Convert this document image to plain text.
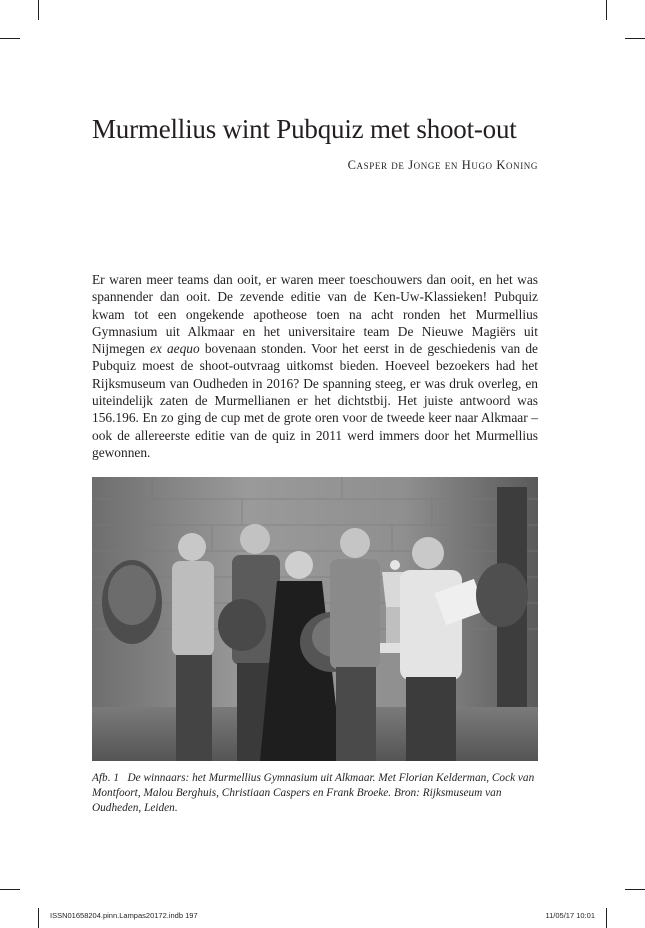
Murmellius wint Pubquiz met shoot-out
Casper de Jonge en Hugo Koning

Er waren meer teams dan ooit, er waren meer toeschouwers dan ooit, en het was spannender dan ooit. De zevende editie van de Ken-Uw-Klassieken! Pubquiz kwam tot een ongekende apotheose toen na acht ronden het Murmellius Gymnasium uit Alkmaar en het universitaire team De Nieuwe Magiërs uit Nijmegen ex aequo bovenaan stonden. Voor het eerst in de geschiedenis van de Pubquiz moest de shoot-outvraag uitkomst bieden. Hoeveel bezoekers had het Rijksmuseum van Oudheden in 2016? De spanning steeg, er was druk overleg, en uiteindelijk zaten de Murmellianen er het dichtstbij. Het juiste antwoord was 156.196. En zo ging de cup met de grote oren voor de tweede keer naar Alkmaar – ook de allereerste editie van de quiz in 2011 werd immers door het Murmellius gewonnen.

Afb. 1 De winnaars: het Murmellius Gymnasium uit Alkmaar. Met Florian Kelderman, Cock van Montfoort, Malou Berghuis, Christiaan Caspers en Frank Broeke. Bron: Rijksmuseum van Oudheden, Leiden.

ISSN01658204.pinn.Lampas20172.indb 197	11/05/17 10:01
